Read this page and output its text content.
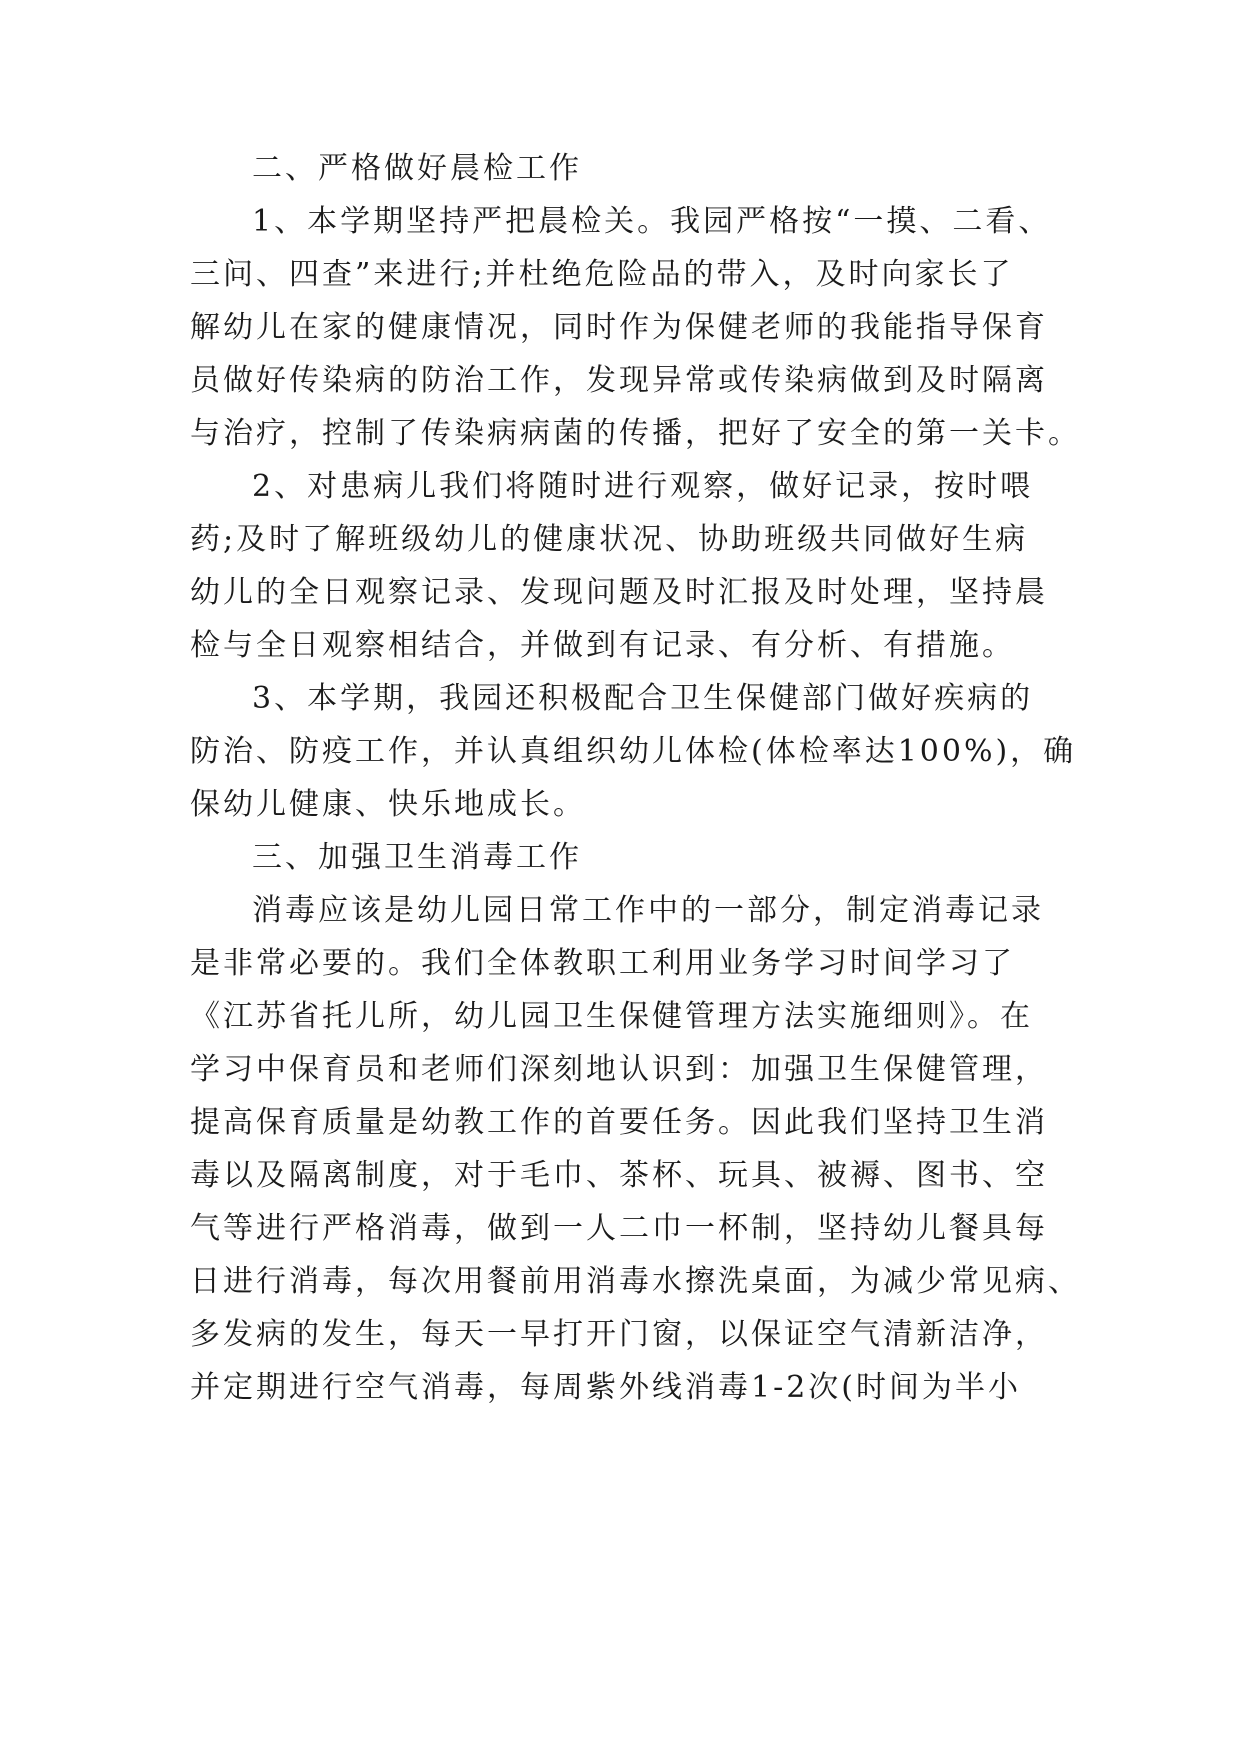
二、严格做好晨检工作

1、本学期坚持严把晨检关。我园严格按“一摸、二看、

三问、四查”来进行;并杜绝危险品的带入，及时向家长了

解幼儿在家的健康情况，同时作为保健老师的我能指导保育

员做好传染病的防治工作，发现异常或传染病做到及时隔离

与治疗，控制了传染病病菌的传播，把好了安全的第一关卡。

2、对患病儿我们将随时进行观察，做好记录，按时喂

药;及时了解班级幼儿的健康状况、协助班级共同做好生病

幼儿的全日观察记录、发现问题及时汇报及时处理，坚持晨

检与全日观察相结合，并做到有记录、有分析、有措施。

3、本学期，我园还积极配合卫生保健部门做好疾病的

防治、防疫工作，并认真组织幼儿体检(体检率达100%)，确

保幼儿健康、快乐地成长。

三、加强卫生消毒工作

消毒应该是幼儿园日常工作中的一部分，制定消毒记录

是非常必要的。我们全体教职工利用业务学习时间学习了

《江苏省托儿所，幼儿园卫生保健管理方法实施细则》。在

学习中保育员和老师们深刻地认识到：加强卫生保健管理，

提高保育质量是幼教工作的首要任务。因此我们坚持卫生消

毒以及隔离制度，对于毛巾、茶杯、玩具、被褥、图书、空

气等进行严格消毒，做到一人二巾一杯制，坚持幼儿餐具每

日进行消毒，每次用餐前用消毒水擦洗桌面，为减少常见病、

多发病的发生，每天一早打开门窗，以保证空气清新洁净，

并定期进行空气消毒，每周紫外线消毒1-2次(时间为半小
